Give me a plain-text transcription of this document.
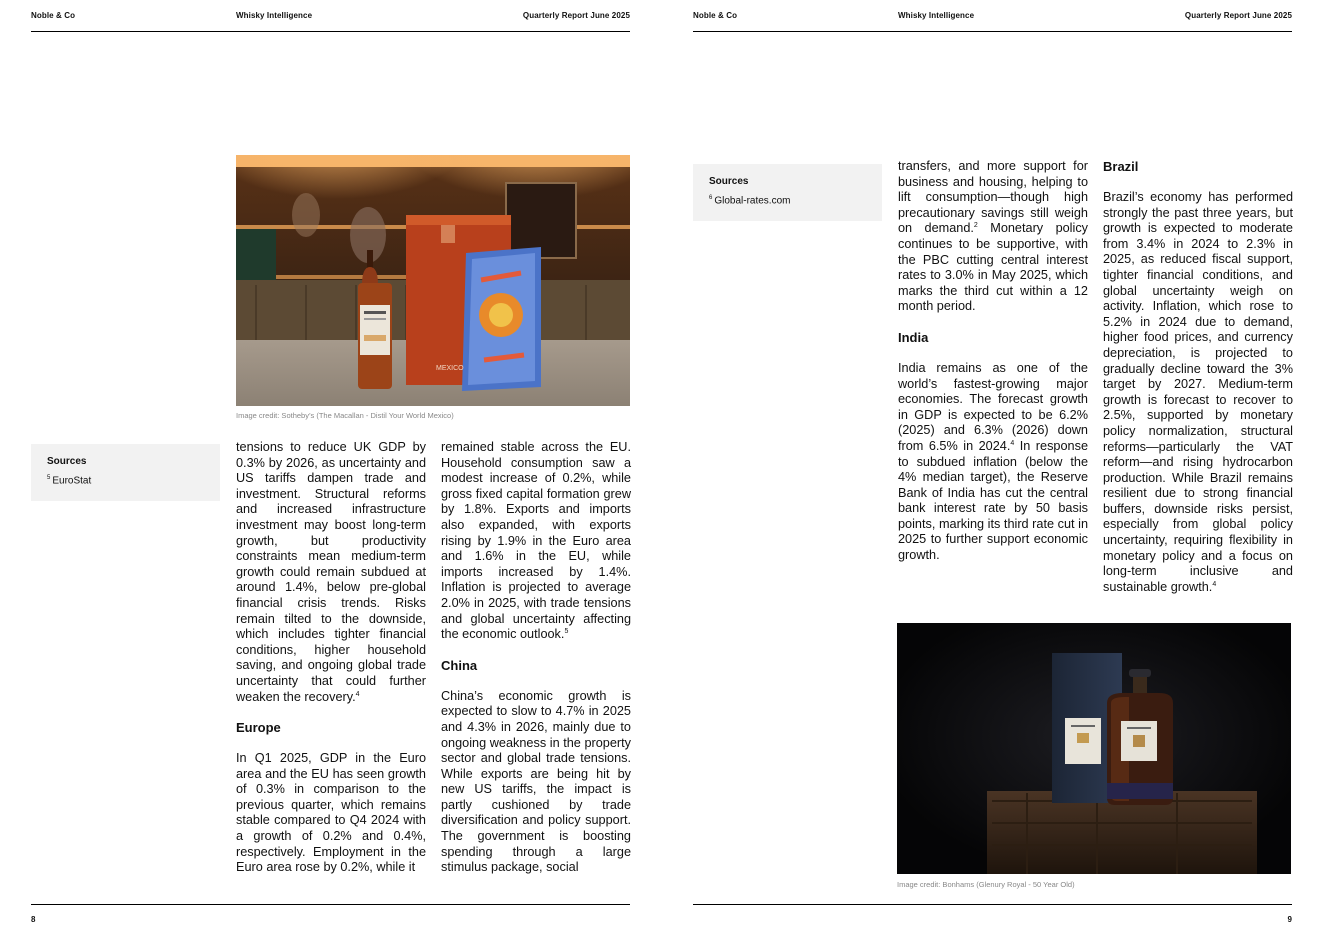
Noble & Co	Whisky Intelligence	Quarterly Report June 2025
MEXICO
Image credit: Sotheby’s (The Macallan - Distil Your World Mexico)
Sources
$^5$ EuroStat

tensions to reduce UK GDP by 0.3% by 2026, as uncertainty and US tariffs dampen trade and investment. Structural reforms and increased infrastructure investment may boost long-term growth, but productivity constraints mean medium-term growth could remain subdued at around 1.4%, below pre-global financial crisis trends. Risks remain tilted to the downside, which includes tighter financial conditions, higher household saving, and ongoing global trade uncertainty that could further weaken the recovery.$^4$

Europe

In Q1 2025, GDP in the Euro area and the EU has seen growth of 0.3% in comparison to the previous quarter, which remains stable compared to Q4 2024 with a growth of 0.2% and 0.4%, respectively. Employment in the Euro area rose by 0.2%, while it

remained stable across the EU. Household consumption saw a modest increase of 0.2%, while gross fixed capital formation grew by 1.8%. Exports and imports also expanded, with exports rising by 1.9% in the Euro area and 1.6% in the EU, while imports increased by 1.4%. Inflation is projected to average 2.0% in 2025, with trade tensions and global uncertainty affecting the economic outlook.$^5$

China

China’s economic growth is expected to slow to 4.7% in 2025 and 4.3% in 2026, mainly due to ongoing weakness in the property sector and global trade tensions. While exports are being hit by new US tariffs, the impact is partly cushioned by trade diversification and policy support. The government is boosting spending through a large stimulus package, social

8
Noble & Co	Whisky Intelligence	Quarterly Report June 2025
Sources
$^6$ Global-rates.com

transfers, and more support for business and housing, helping to lift consumption—though high precautionary savings still weigh on demand.$^2$ Monetary policy continues to be supportive, with the PBC cutting central interest rates to 3.0% in May 2025, which marks the third cut within a 12 month period.

India

India remains as one of the world’s fastest-growing major economies. The forecast growth in GDP is expected to be 6.2% (2025) and 6.3% (2026) down from 6.5% in 2024.$^4$ In response to subdued inflation (below the 4% median target), the Reserve Bank of India has cut the central bank interest rate by 50 basis points, marking its third rate cut in 2025 to further support economic growth.

Brazil

Brazil’s economy has performed strongly the past three years, but growth is expected to moderate from 3.4% in 2024 to 2.3% in 2025, as reduced fiscal support, tighter financial conditions, and global uncertainty weigh on activity. Inflation, which rose to 5.2% in 2024 due to demand, higher food prices, and currency depreciation, is projected to gradually decline toward the 3% target by 2027. Medium-term growth is forecast to recover to 2.5%, supported by monetary policy normalization, structural reforms—particularly the VAT reform—and rising hydrocarbon production. While Brazil remains resilient due to strong financial buffers, downside risks persist, especially from global policy uncertainty, requiring flexibility in monetary policy and a focus on long-term inclusive and sustainable growth.$^4$

Image credit: Bonhams (Glenury Royal - 50 Year Old)
9
